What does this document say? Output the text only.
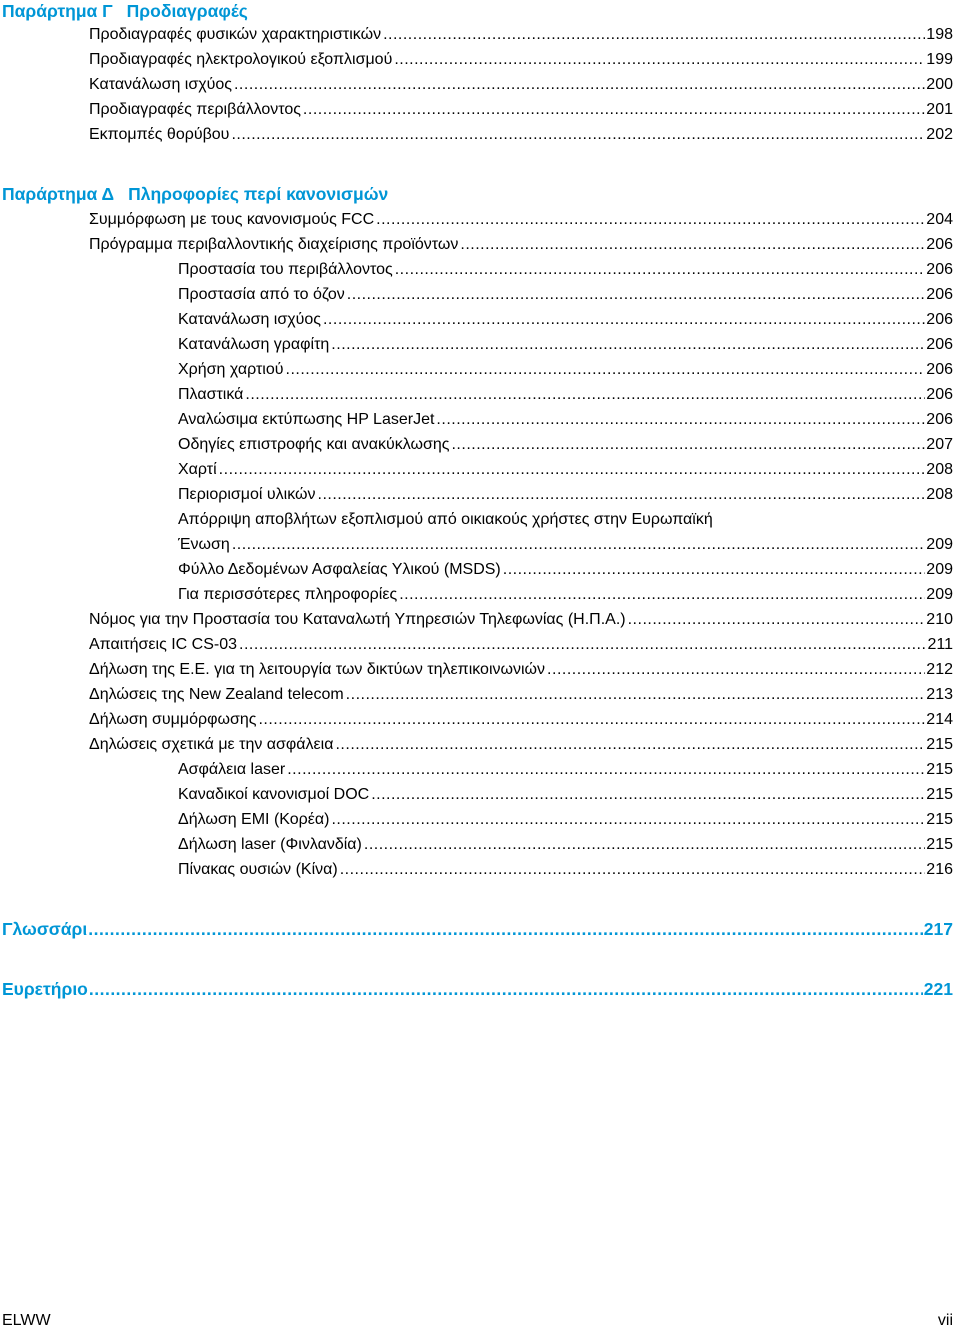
Παράρτημα Γ Προδιαγραφές
Προδιαγραφές φυσικών χαρακτηριστικών .....	198
Προδιαγραφές ηλεκτρολογικού εξοπλισμού .....	199
Κατανάλωση ισχύος .....	200
Προδιαγραφές περιβάλλοντος .....	201
Εκπομπές θορύβου .....	202
Παράρτημα Δ Πληροφορίες περί κανονισμών
Συμμόρφωση με τους κανονισμούς FCC .....	204
Πρόγραμμα περιβαλλοντικής διαχείρισης προϊόντων .....	206
Προστασία του περιβάλλοντος .....	206
Προστασία από το όζον .....	206
Κατανάλωση ισχύος .....	206
Κατανάλωση γραφίτη .....	206
Χρήση χαρτιού .....	206
Πλαστικά .....	206
Αναλώσιμα εκτύπωσης HP LaserJet .....	206
Οδηγίες επιστροφής και ανακύκλωσης .....	207
Χαρτί .....	208
Περιορισμοί υλικών .....	208
Απόρριψη αποβλήτων εξοπλισμού από οικιακούς χρήστες στην Ευρωπαϊκή
Ένωση .....	209
Φύλλο Δεδομένων Ασφαλείας Υλικού (MSDS) .....	209
Για περισσότερες πληροφορίες .....	209
Νόμος για την Προστασία του Καταναλωτή Υπηρεσιών Τηλεφωνίας (Η.Π.Α.) .....	210
Απαιτήσεις IC CS-03 .....	211
Δήλωση της Ε.Ε. για τη λειτουργία των δικτύων τηλεπικοινωνιών .....	212
Δηλώσεις της New Zealand telecom .....	213
Δήλωση συμμόρφωσης .....	214
Δηλώσεις σχετικά με την ασφάλεια .....	215
Ασφάλεια laser .....	215
Καναδικοί κανονισμοί DOC .....	215
Δήλωση EMI (Κορέα) .....	215
Δήλωση laser (Φινλανδία) .....	215
Πίνακας ουσιών (Κίνα) .....	216
Γλωσσάρι .....	217
Ευρετήριο .....	221
ELWW	vii
